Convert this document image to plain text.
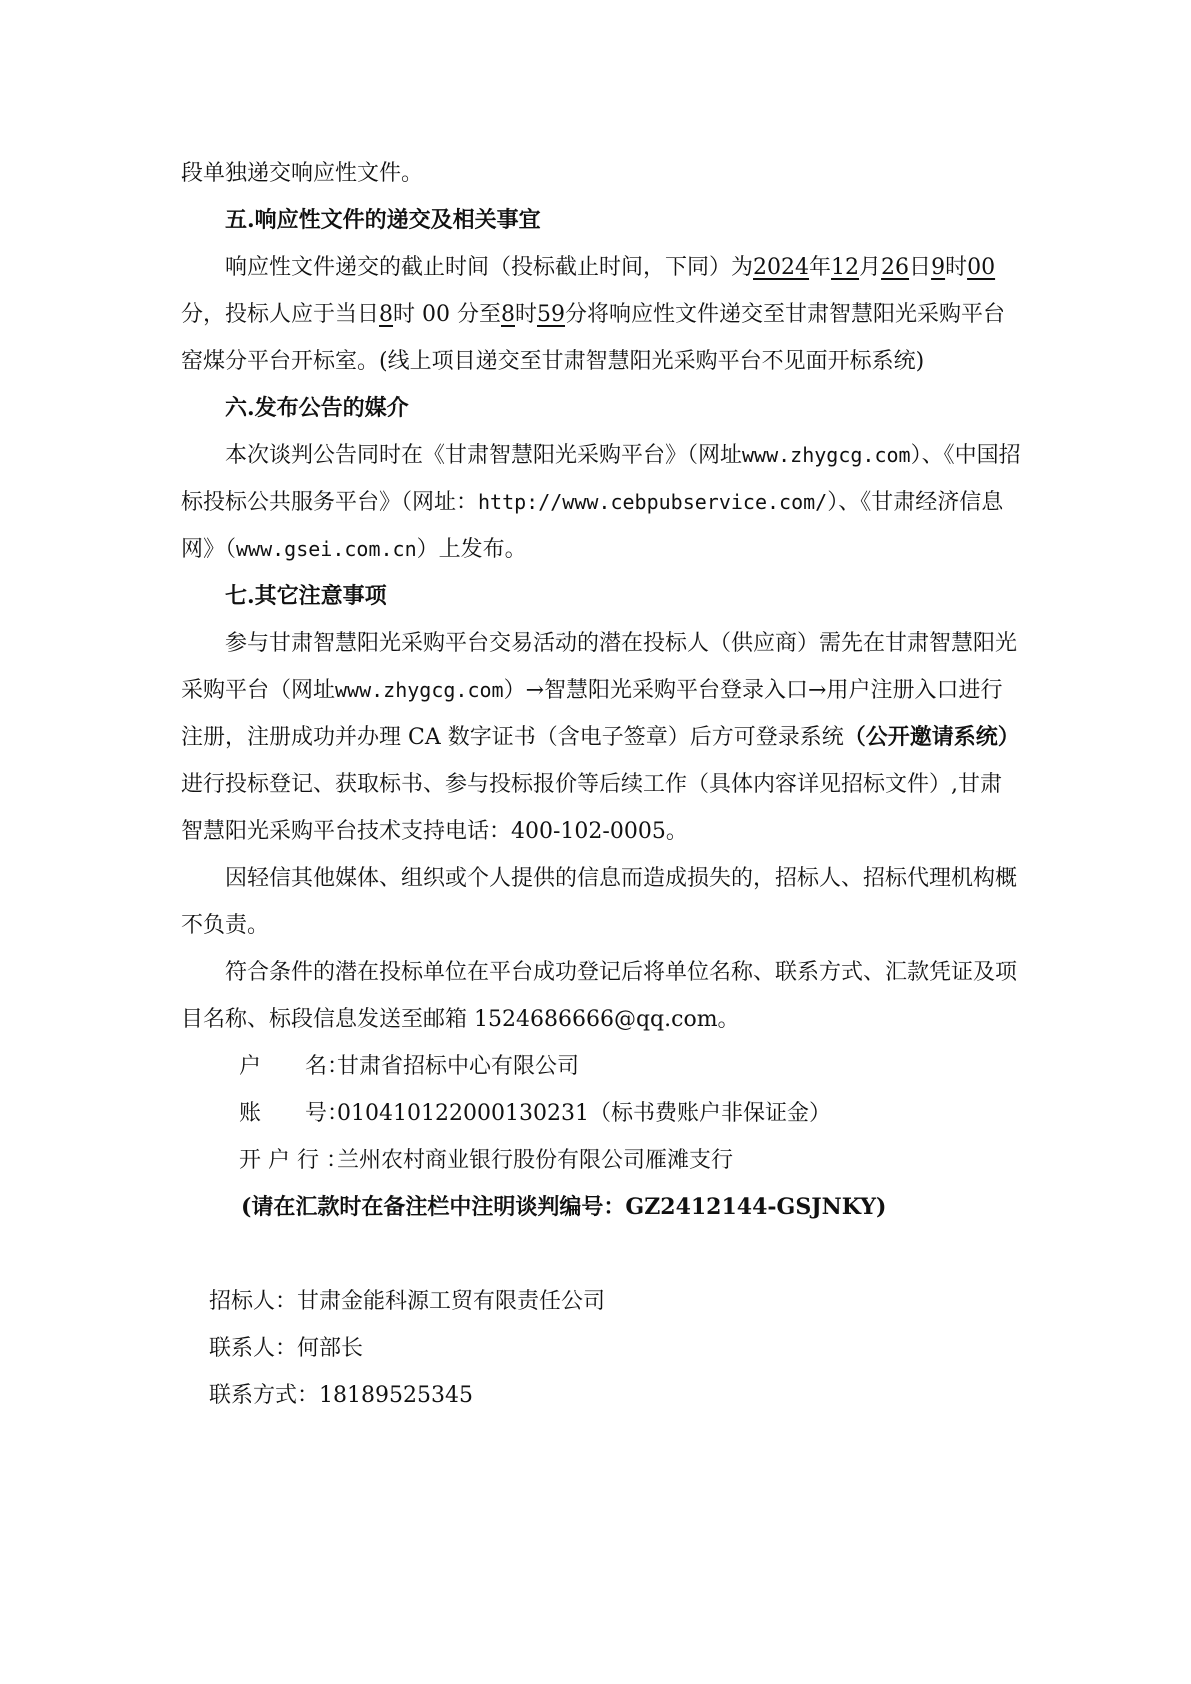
段单独递交响应性文件。

五.响应性文件的递交及相关事宜

响应性文件递交的截止时间（投标截止时间，下同）为2024年12月26日9时00分，投标人应于当日8时 00 分至8时59分将响应性文件递交至甘肃智慧阳光采购平台窑煤分平台开标室。(线上项目递交至甘肃智慧阳光采购平台不见面开标系统)

六.发布公告的媒介

本次谈判公告同时在《甘肃智慧阳光采购平台》（网址www.zhygcg.com）、《中国招标投标公共服务平台》（网址：http://www.cebpubservice.com/）、《甘肃经济信息网》（www.gsei.com.cn）上发布。

七.其它注意事项

参与甘肃智慧阳光采购平台交易活动的潜在投标人（供应商）需先在甘肃智慧阳光采购平台（网址www.zhygcg.com）→智慧阳光采购平台登录入口→用户注册入口进行注册，注册成功并办理 CA 数字证书（含电子签章）后方可登录系统（公开邀请系统）进行投标登记、获取标书、参与投标报价等后续工作（具体内容详见招标文件）,甘肃智慧阳光采购平台技术支持电话：400-102-0005。

因轻信其他媒体、组织或个人提供的信息而造成损失的，招标人、招标代理机构概不负责。

符合条件的潜在投标单位在平台成功登记后将单位名称、联系方式、汇款凭证及项目名称、标段信息发送至邮箱 1524686666@qq.com。

户　　名：甘肃省招标中心有限公司

账　　号：010410122000130231（标书费账户非保证金）

开 户 行 ：兰州农村商业银行股份有限公司雁滩支行

(请在汇款时在备注栏中注明谈判编号：GZ2412144-GSJNKY)

招标人：甘肃金能科源工贸有限责任公司

联系人：何部长

联系方式：18189525345
